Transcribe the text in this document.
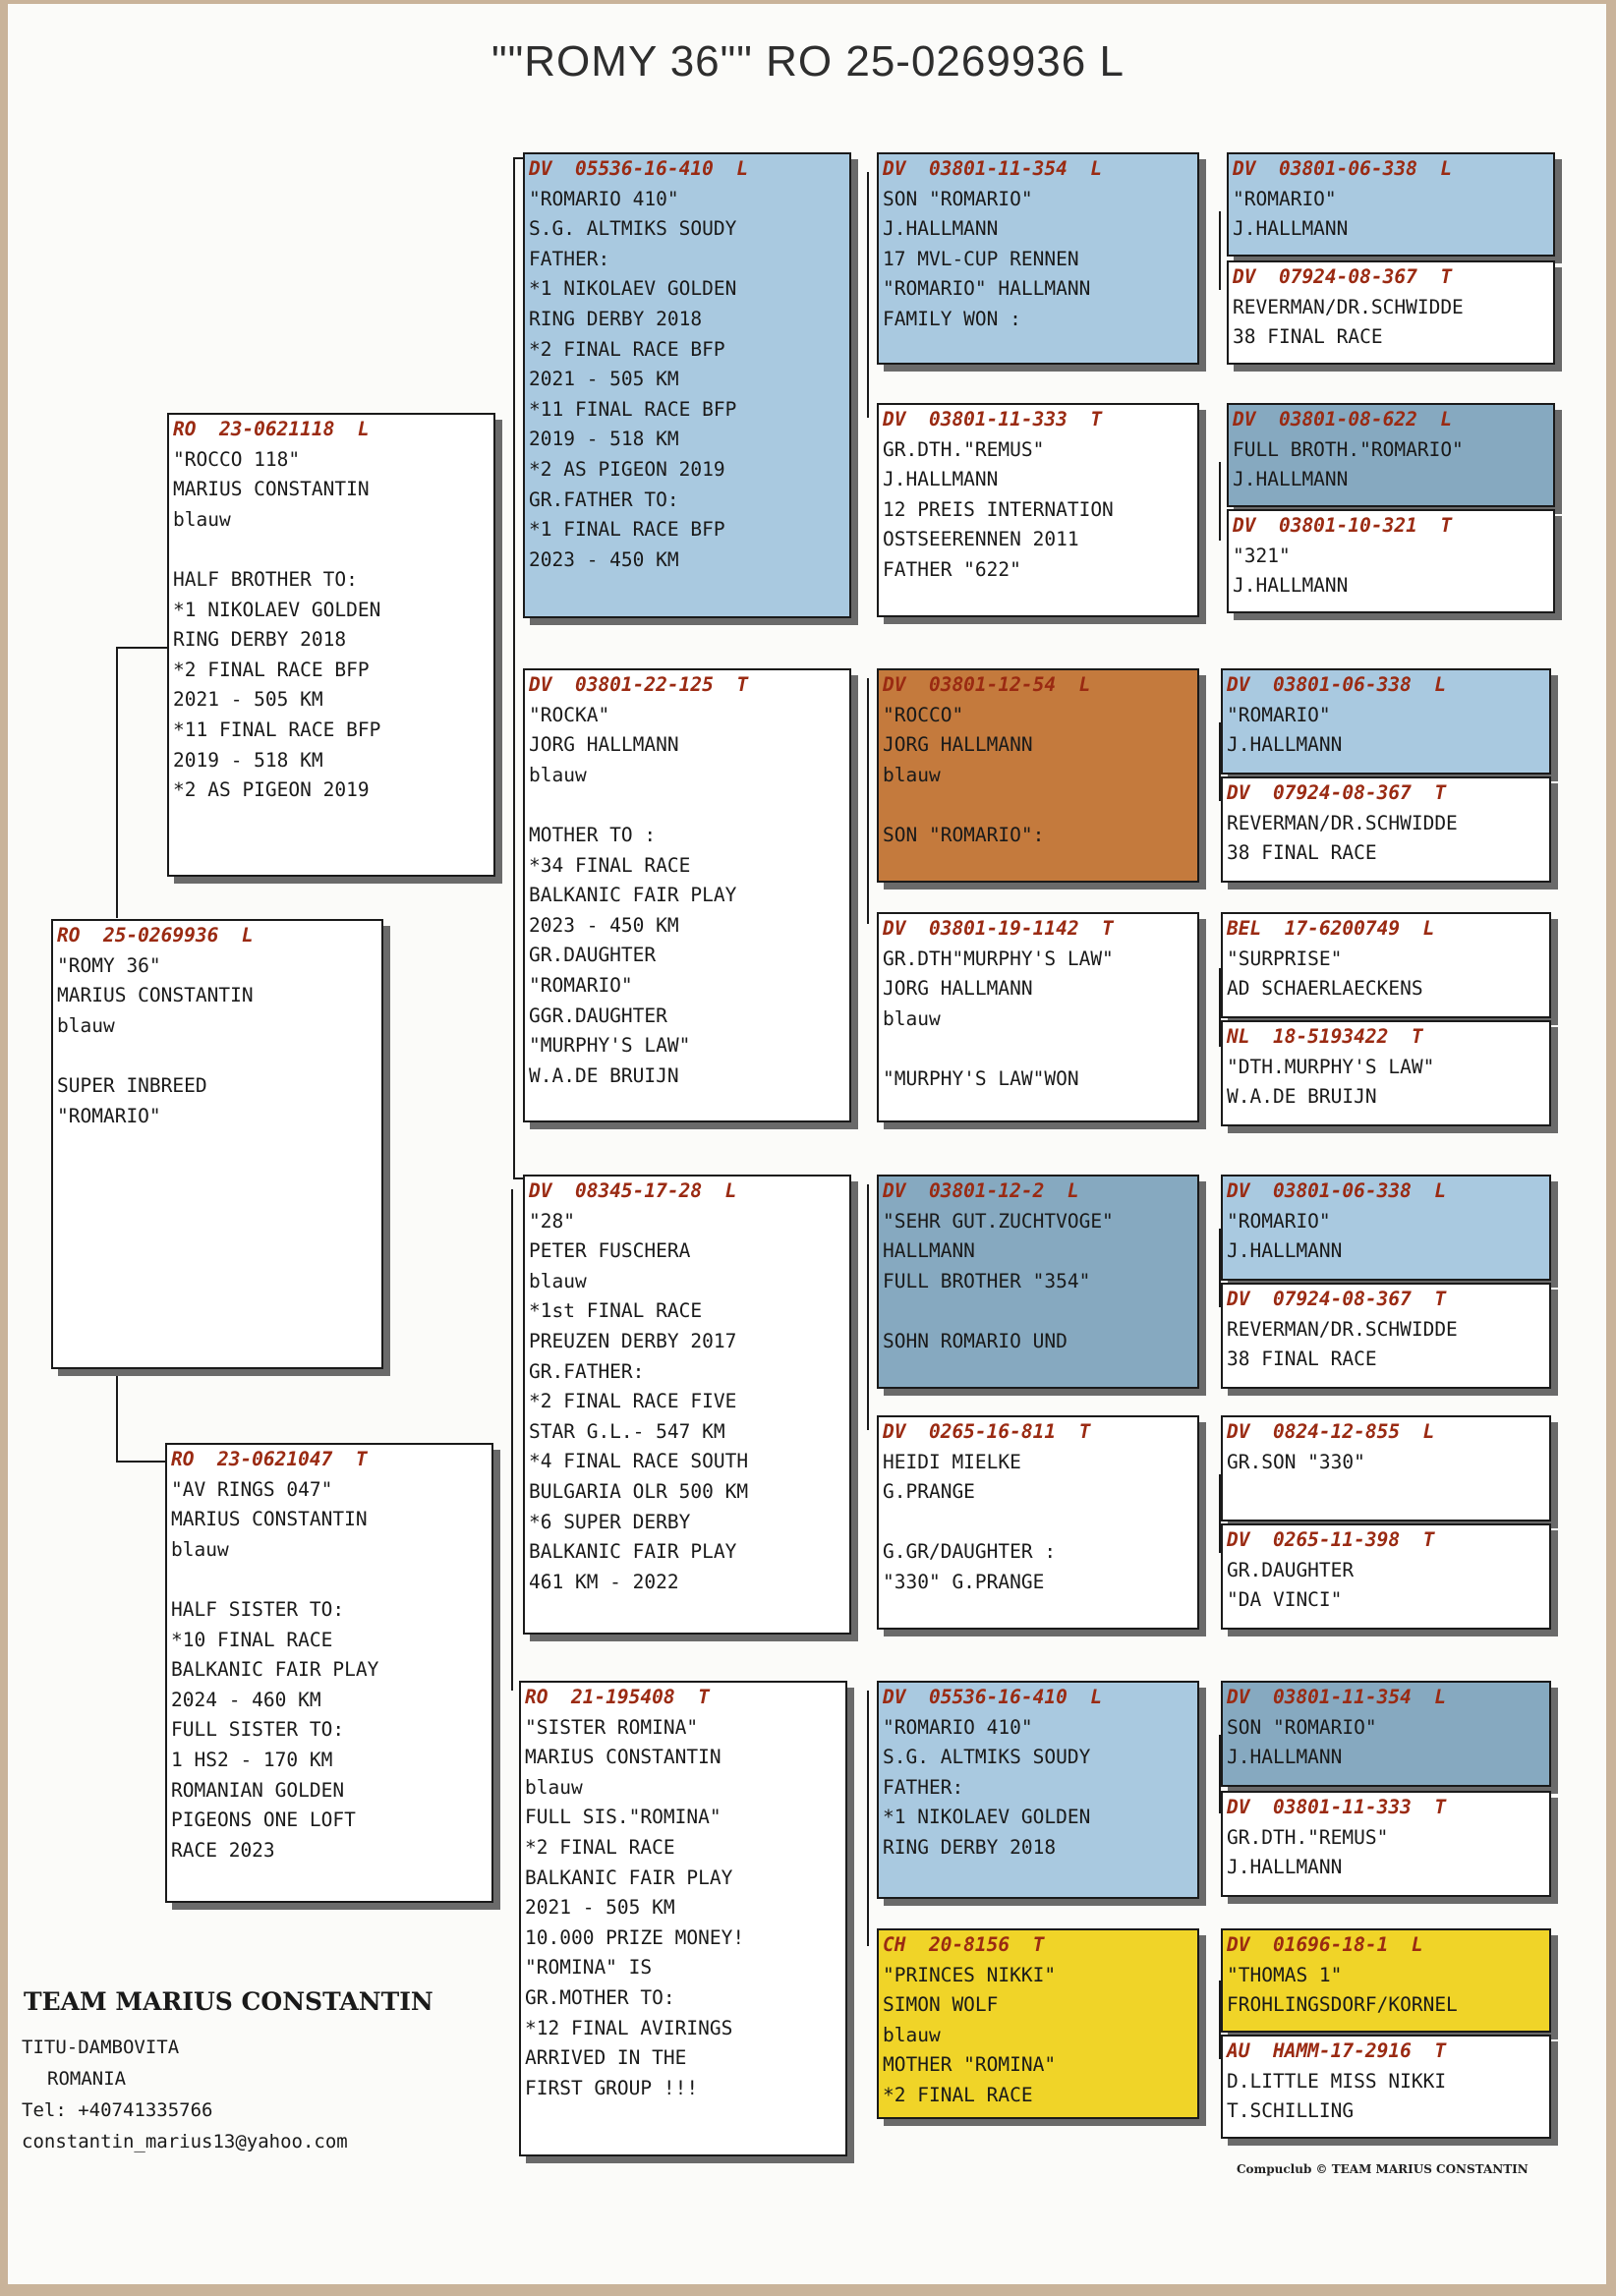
""ROMY 36"" RO 25-0269936 L
RO  25-0269936  L
"ROMY 36"
MARIUS CONSTANTIN
blauw
SUPER INBREED
"ROMARIO"
RO  23-0621118  L
"ROCCO 118"
MARIUS CONSTANTIN
blauw
HALF BROTHER TO:
*1 NIKOLAEV GOLDEN
RING DERBY 2018
*2 FINAL RACE BFP
2021 - 505 KM
*11 FINAL RACE BFP
2019 - 518 KM
*2 AS PIGEON 2019
RO  23-0621047  T
"AV RINGS 047"
MARIUS CONSTANTIN
blauw
HALF SISTER TO:
*10 FINAL RACE
BALKANIC FAIR PLAY
2024 - 460 KM
FULL SISTER TO:
1 HS2 - 170 KM
ROMANIAN GOLDEN
PIGEONS ONE LOFT
RACE 2023
DV  05536-16-410  L
"ROMARIO 410"
S.G. ALTMIKS SOUDY
FATHER:
*1 NIKOLAEV GOLDEN
RING DERBY 2018
*2 FINAL RACE BFP
2021 - 505 KM
*11 FINAL RACE BFP
2019 - 518 KM
*2 AS PIGEON 2019
GR.FATHER TO:
*1 FINAL RACE BFP
2023 - 450 KM
DV  03801-22-125  T
"ROCKA"
JORG HALLMANN
blauw
MOTHER TO :
*34 FINAL RACE
BALKANIC FAIR PLAY
2023 - 450 KM
GR.DAUGHTER
"ROMARIO"
GGR.DAUGHTER
"MURPHY'S LAW"
W.A.DE BRUIJN
DV  08345-17-28  L
"28"
PETER FUSCHERA
blauw
*1st FINAL RACE
PREUZEN DERBY 2017
GR.FATHER:
*2 FINAL RACE FIVE
STAR G.L.- 547 KM
*4 FINAL RACE SOUTH
BULGARIA OLR 500 KM
*6 SUPER DERBY
BALKANIC FAIR PLAY
461 KM - 2022
RO  21-195408  T
"SISTER ROMINA"
MARIUS CONSTANTIN
blauw
FULL SIS."ROMINA"
*2 FINAL RACE
BALKANIC FAIR PLAY
2021 - 505 KM
10.000 PRIZE MONEY!
"ROMINA" IS
GR.MOTHER TO:
*12 FINAL AVIRINGS
ARRIVED IN THE
FIRST GROUP !!!
DV  03801-11-354  L
SON "ROMARIO"
J.HALLMANN
17 MVL-CUP RENNEN
"ROMARIO" HALLMANN
FAMILY WON :
DV  03801-11-333  T
GR.DTH."REMUS"
J.HALLMANN
12 PREIS INTERNATION
OSTSEERENNEN 2011
FATHER "622"
DV  03801-12-54  L
"ROCCO"
JORG HALLMANN
blauw
SON "ROMARIO":
DV  03801-19-1142  T
GR.DTH"MURPHY'S LAW"
JORG HALLMANN
blauw
"MURPHY'S LAW"WON
DV  03801-12-2  L
"SEHR GUT.ZUCHTVOGE"
HALLMANN
FULL BROTHER "354"
SOHN ROMARIO UND
DV  0265-16-811  T
HEIDI MIELKE
G.PRANGE
G.GR/DAUGHTER :
"330" G.PRANGE
DV  05536-16-410  L
"ROMARIO 410"
S.G. ALTMIKS SOUDY
FATHER:
*1 NIKOLAEV GOLDEN
RING DERBY 2018
CH  20-8156  T
"PRINCES NIKKI"
SIMON WOLF
blauw
MOTHER "ROMINA"
*2 FINAL RACE
DV  03801-06-338  L
"ROMARIO"
J.HALLMANN
DV  07924-08-367  T
REVERMAN/DR.SCHWIDDE
38 FINAL RACE
DV  03801-08-622  L
FULL BROTH."ROMARIO"
J.HALLMANN
DV  03801-10-321  T
"321"
J.HALLMANN
DV  03801-06-338  L
"ROMARIO"
J.HALLMANN
DV  07924-08-367  T
REVERMAN/DR.SCHWIDDE
38 FINAL RACE
BEL  17-6200749  L
"SURPRISE"
AD SCHAERLAECKENS
NL  18-5193422  T
"DTH.MURPHY'S LAW"
W.A.DE BRUIJN
DV  03801-06-338  L
"ROMARIO"
J.HALLMANN
DV  07924-08-367  T
REVERMAN/DR.SCHWIDDE
38 FINAL RACE
DV  0824-12-855  L
GR.SON "330"
DV  0265-11-398  T
GR.DAUGHTER
"DA VINCI"
DV  03801-11-354  L
SON "ROMARIO"
J.HALLMANN
DV  03801-11-333  T
GR.DTH."REMUS"
J.HALLMANN
DV  01696-18-1  L
"THOMAS 1"
FROHLINGSDORF/KORNEL
AU  HAMM-17-2916  T
D.LITTLE MISS NIKKI
T.SCHILLING
TEAM MARIUS CONSTANTIN
TITU-DAMBOVITA
ROMANIA
Tel: +40741335766
constantin_marius13@yahoo.com
Compuclub © TEAM MARIUS CONSTANTIN
